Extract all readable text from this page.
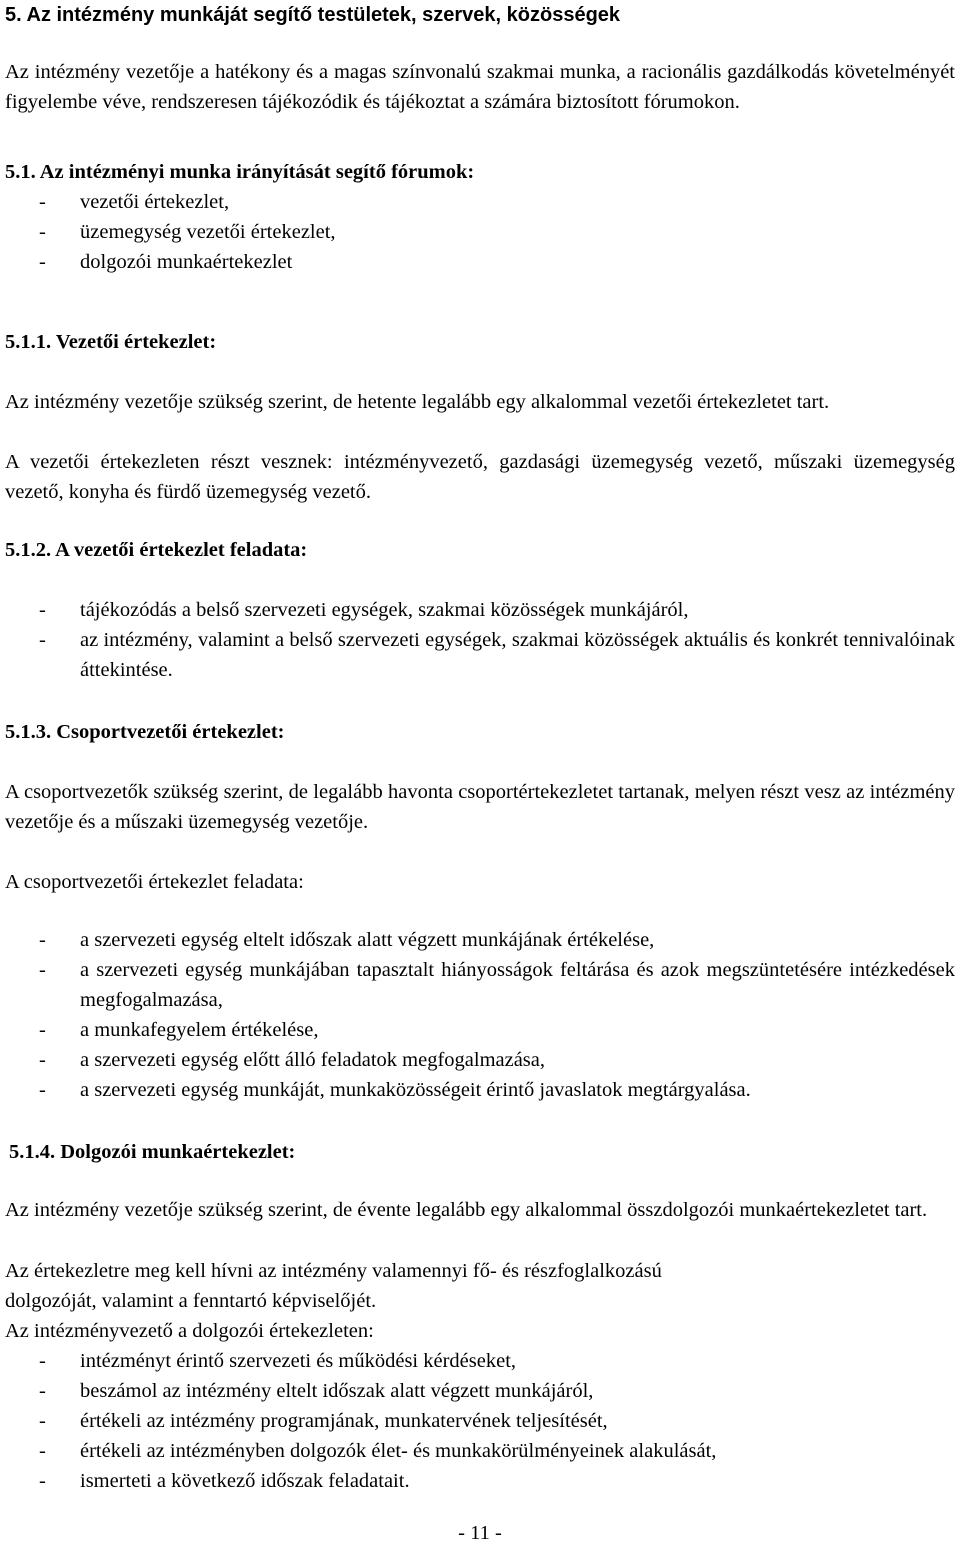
5. Az intézmény munkáját segítő testületek, szervek, közösségek
Az intézmény vezetője a hatékony és a magas színvonalú szakmai munka, a racionális gazdálkodás követelményét figyelembe véve, rendszeresen tájékozódik és tájékoztat a számára biztosított fórumokon.
5.1. Az intézményi munka irányítását segítő fórumok:
- vezetői értekezlet,
- üzemegység vezetői értekezlet,
- dolgozói munkaértekezlet
5.1.1. Vezetői értekezlet:
Az intézmény vezetője szükség szerint, de hetente legalább egy alkalommal vezetői értekezletet tart.
A vezetői értekezleten részt vesznek: intézményvezető, gazdasági üzemegység vezető, műszaki üzemegység vezető, konyha és fürdő üzemegység vezető.
5.1.2. A vezetői értekezlet feladata:
- tájékozódás a belső szervezeti egységek, szakmai közösségek munkájáról,
- az intézmény, valamint a belső szervezeti egységek, szakmai közösségek aktuális és konkrét tennivalóinak áttekintése.
5.1.3. Csoportvezetői értekezlet:
A csoportvezetők szükség szerint, de legalább havonta csoportértekezletet tartanak, melyen részt vesz az intézmény vezetője és a műszaki üzemegység vezetője.
A csoportvezetői értekezlet feladata:
- a szervezeti egység eltelt időszak alatt végzett munkájának értékelése,
- a szervezeti egység munkájában tapasztalt hiányosságok feltárása és azok megszüntetésére intézkedések megfogalmazása,
- a munkafegyelem értékelése,
- a szervezeti egység előtt álló feladatok megfogalmazása,
- a szervezeti egység munkáját, munkaközösségeit érintő javaslatok megtárgyalása.
5.1.4. Dolgozói munkaértekezlet:
Az intézmény vezetője szükség szerint, de évente legalább egy alkalommal összdolgozói munkaértekezletet tart.
Az értekezletre meg kell hívni az intézmény valamennyi fő- és részfoglalkozású
dolgozóját, valamint a fenntartó képviselőjét.
Az intézményvezető a dolgozói értekezleten:
- intézményt érintő szervezeti és működési kérdéseket,
- beszámol az intézmény eltelt időszak alatt végzett munkájáról,
- értékeli az intézmény programjának, munkatervének teljesítését,
- értékeli az intézményben dolgozók élet- és munkakörülményeinek alakulását,
- ismerteti a következő időszak feladatait.
- 11 -
